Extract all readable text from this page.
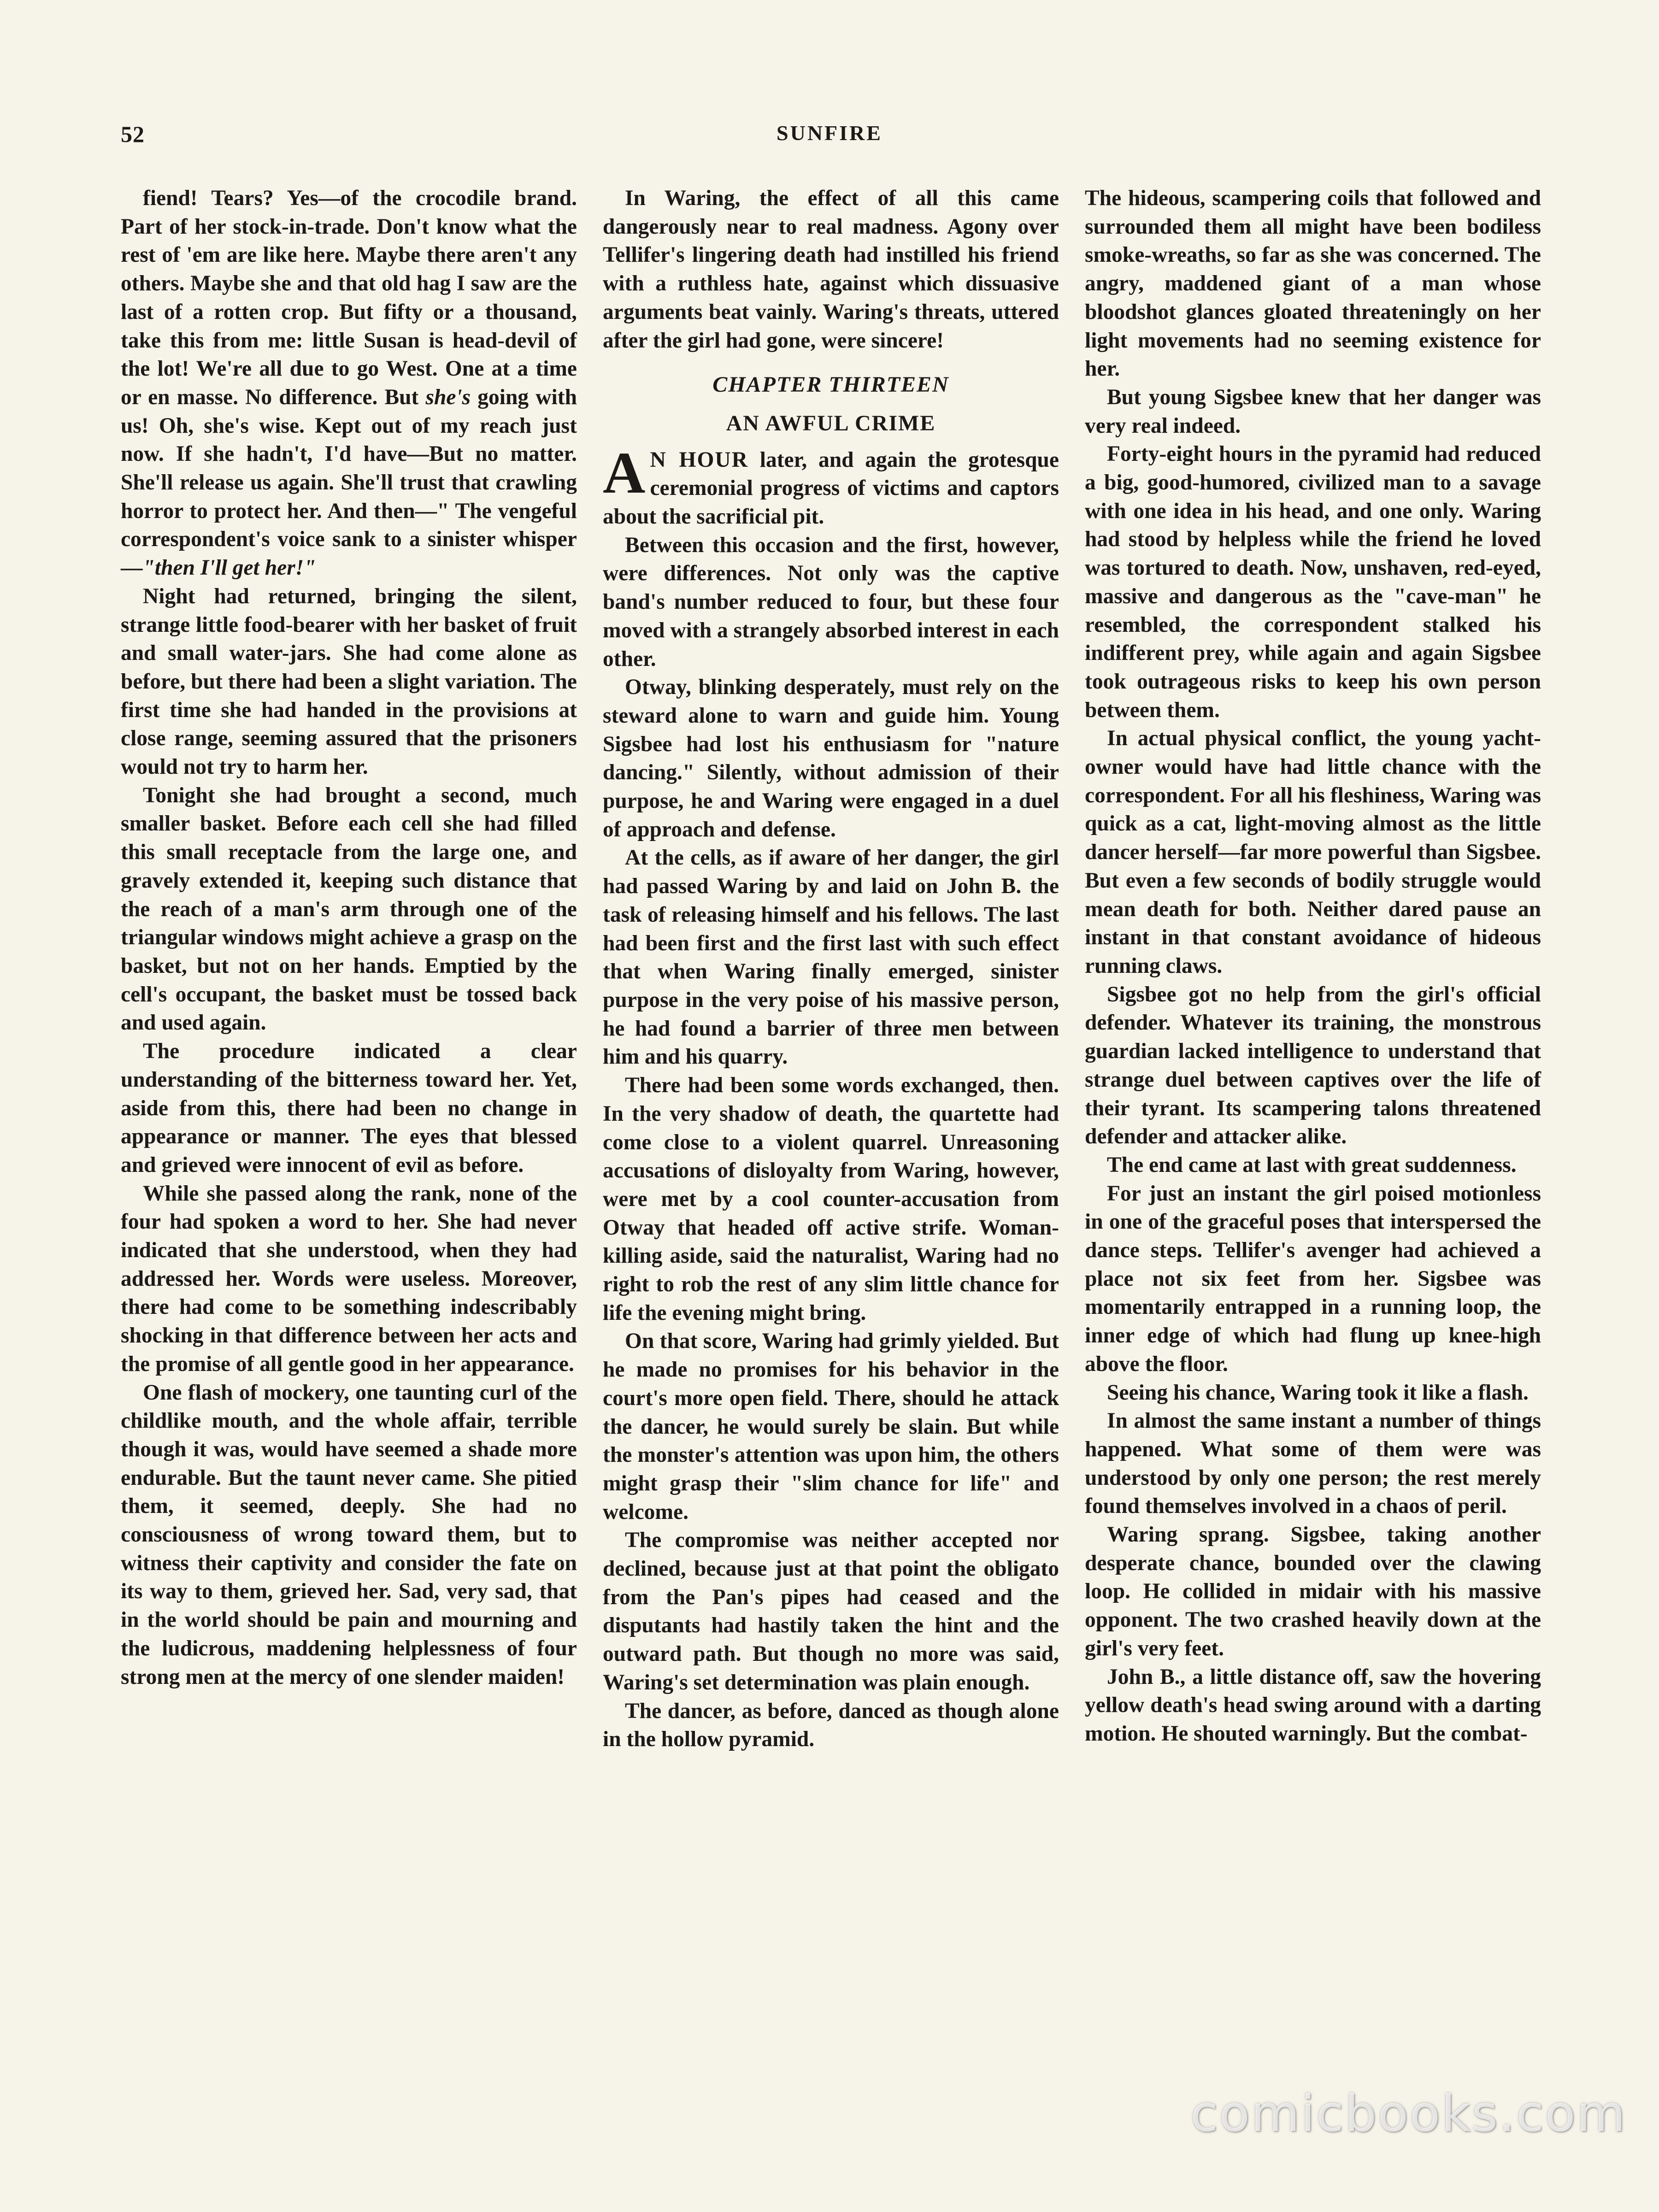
52	SUNFIRE

fiend! Tears? Yes—of the crocodile brand. Part of her stock-in-trade. Don't know what the rest of 'em are like here. Maybe there aren't any others. Maybe she and that old hag I saw are the last of a rotten crop. But fifty or a thousand, take this from me: little Susan is head-devil of the lot! We're all due to go West. One at a time or en masse. No difference. But she's going with us! Oh, she's wise. Kept out of my reach just now. If she hadn't, I'd have—But no matter. She'll release us again. She'll trust that crawling horror to protect her. And then—" The vengeful correspondent's voice sank to a sinister whisper—"then I'll get her!"

Night had returned, bringing the silent, strange little food-bearer with her basket of fruit and small water-jars. She had come alone as before, but there had been a slight variation. The first time she had handed in the provisions at close range, seeming assured that the prisoners would not try to harm her.

Tonight she had brought a second, much smaller basket. Before each cell she had filled this small receptacle from the large one, and gravely extended it, keeping such distance that the reach of a man's arm through one of the triangular windows might achieve a grasp on the basket, but not on her hands. Emptied by the cell's occupant, the basket must be tossed back and used again.

The procedure indicated a clear understanding of the bitterness toward her. Yet, aside from this, there had been no change in appearance or manner. The eyes that blessed and grieved were innocent of evil as before.

While she passed along the rank, none of the four had spoken a word to her. She had never indicated that she understood, when they had addressed her. Words were useless. Moreover, there had come to be something indescribably shocking in that difference between her acts and the promise of all gentle good in her appearance.

One flash of mockery, one taunting curl of the childlike mouth, and the whole affair, terrible though it was, would have seemed a shade more endurable. But the taunt never came. She pitied them, it seemed, deeply. She had no consciousness of wrong toward them, but to witness their captivity and consider the fate on its way to them, grieved her. Sad, very sad, that in the world should be pain and mourning and the ludicrous, maddening helplessness of four strong men at the mercy of one slender maiden!

In Waring, the effect of all this came dangerously near to real madness. Agony over Tellifer's lingering death had instilled his friend with a ruthless hate, against which dissuasive arguments beat vainly. Waring's threats, uttered after the girl had gone, were sincere!

CHAPTER THIRTEEN
AN AWFUL CRIME

A N HOUR later, and again the grotesque ceremonial progress of victims and captors about the sacrificial pit.

Between this occasion and the first, however, were differences. Not only was the captive band's number reduced to four, but these four moved with a strangely absorbed interest in each other.

Otway, blinking desperately, must rely on the steward alone to warn and guide him. Young Sigsbee had lost his enthusiasm for "nature dancing." Silently, without admission of their purpose, he and Waring were engaged in a duel of approach and defense.

At the cells, as if aware of her danger, the girl had passed Waring by and laid on John B. the task of releasing himself and his fellows. The last had been first and the first last with such effect that when Waring finally emerged, sinister purpose in the very poise of his massive person, he had found a barrier of three men between him and his quarry.

There had been some words exchanged, then. In the very shadow of death, the quartette had come close to a violent quarrel. Unreasoning accusations of disloyalty from Waring, however, were met by a cool counter-accusation from Otway that headed off active strife. Woman-killing aside, said the naturalist, Waring had no right to rob the rest of any slim little chance for life the evening might bring.

On that score, Waring had grimly yielded. But he made no promises for his behavior in the court's more open field. There, should he attack the dancer, he would surely be slain. But while the monster's attention was upon him, the others might grasp their "slim chance for life" and welcome.

The compromise was neither accepted nor declined, because just at that point the obligato from the Pan's pipes had ceased and the disputants had hastily taken the hint and the outward path. But though no more was said, Waring's set determination was plain enough.

The dancer, as before, danced as though alone in the hollow pyramid.

The hideous, scampering coils that followed and surrounded them all might have been bodiless smoke-wreaths, so far as she was concerned. The angry, maddened giant of a man whose bloodshot glances gloated threateningly on her light movements had no seeming existence for her.

But young Sigsbee knew that her danger was very real indeed.

Forty-eight hours in the pyramid had reduced a big, good-humored, civilized man to a savage with one idea in his head, and one only. Waring had stood by helpless while the friend he loved was tortured to death. Now, unshaven, red-eyed, massive and dangerous as the "cave-man" he resembled, the correspondent stalked his indifferent prey, while again and again Sigsbee took outrageous risks to keep his own person between them.

In actual physical conflict, the young yacht-owner would have had little chance with the correspondent. For all his fleshiness, Waring was quick as a cat, light-moving almost as the little dancer herself—far more powerful than Sigsbee. But even a few seconds of bodily struggle would mean death for both. Neither dared pause an instant in that constant avoidance of hideous running claws.

Sigsbee got no help from the girl's official defender. Whatever its training, the monstrous guardian lacked intelligence to understand that strange duel between captives over the life of their tyrant. Its scampering talons threatened defender and attacker alike.

The end came at last with great suddenness.

For just an instant the girl poised motionless in one of the graceful poses that interspersed the dance steps. Tellifer's avenger had achieved a place not six feet from her. Sigsbee was momentarily entrapped in a running loop, the inner edge of which had flung up knee-high above the floor.

Seeing his chance, Waring took it like a flash.

In almost the same instant a number of things happened. What some of them were was understood by only one person; the rest merely found themselves involved in a chaos of peril.

Waring sprang. Sigsbee, taking another desperate chance, bounded over the clawing loop. He collided in midair with his massive opponent. The two crashed heavily down at the girl's very feet.

John B., a little distance off, saw the hovering yellow death's head swing around with a darting motion. He shouted warningly. But the combat-

comicbooks.com
